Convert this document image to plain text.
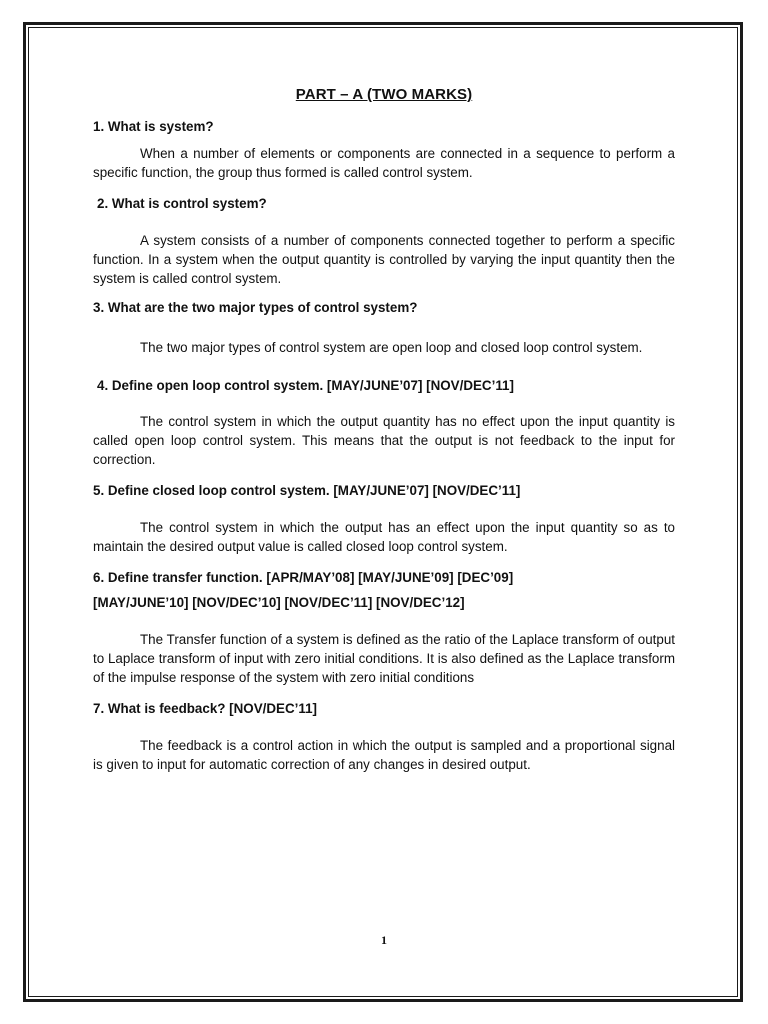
PART – A (TWO MARKS)

1. What is system?

When a number of elements or components are connected in a sequence to perform a specific function, the group thus formed is called control system.

2. What is control system?

A system consists of a number of components connected together to perform a specific function. In a system when the output quantity is controlled by varying the input quantity then the system is called control system.

3. What are the two major types of control system?

The two major types of control system are open loop and closed loop control system.

4. Define open loop control system. [MAY/JUNE’07] [NOV/DEC’11]

The control system in which the output quantity has no effect upon the input quantity is called open loop control system. This means that the output is not feedback to the input for correction.

5. Define closed loop control system. [MAY/JUNE’07] [NOV/DEC’11]

The control system in which the output has an effect upon the input quantity so as to maintain the desired output value is called closed loop control system.

6. Define transfer function. [APR/MAY’08] [MAY/JUNE’09] [DEC’09]

[MAY/JUNE’10] [NOV/DEC’10] [NOV/DEC’11] [NOV/DEC’12]

The Transfer function of a system is defined as the ratio of the Laplace transform of output to Laplace transform of input with zero initial conditions. It is also defined as the Laplace transform of the impulse response of the system with zero initial conditions

7. What is feedback? [NOV/DEC’11]

The feedback is a control action in which the output is sampled and a proportional signal is given to input for automatic correction of any changes in desired output.

1
